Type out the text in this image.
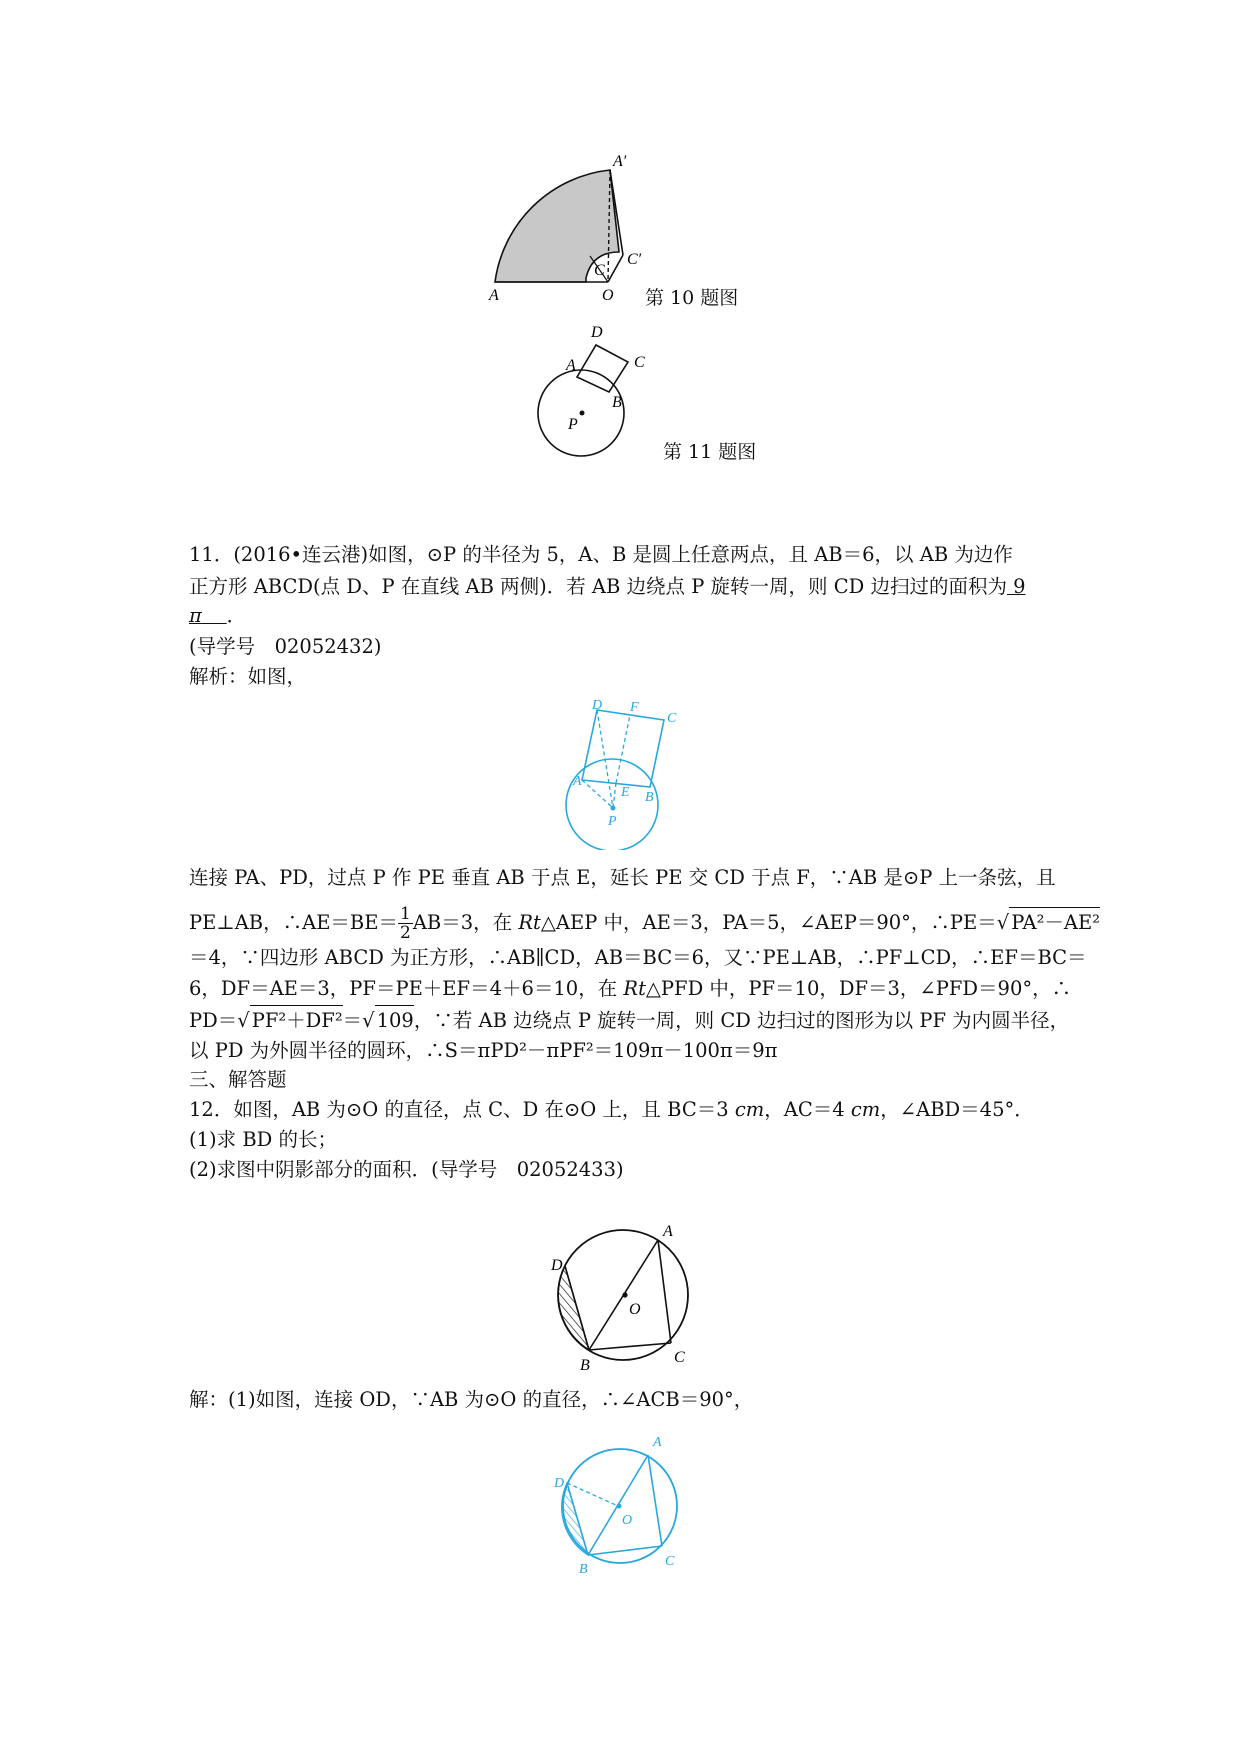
A′
C′
C
A	O 第 10 题图
D
A	C
B
P
第 11 题图
11．(2016•连云港)如图，⊙P 的半径为 5，A、B 是圆上任意两点，且 AB＝6，以 AB 为边作
正方形 ABCD(点 D、P 在直线 AB 两侧)．若 AB 边绕点 P 旋转一周，则 CD 边扫过的面积为 9
π ．
(导学号　02052432)
解析：如图，
D F
C
A
E B
P
连接 PA、PD，过点 P 作 PE 垂直 AB 于点 E，延长 PE 交 CD 于点 F，∵AB 是⊙P 上一条弦，且
PE⊥AB，∴AE＝BE＝ $\frac{1}{2} AB=3$，在 Rt△AEP 中，AE＝3，PA＝5，∠AEP＝90°，∴PE＝√ PA²－AE²
＝4，∵四边形 ABCD 为正方形，∴AB∥CD，AB＝BC＝6，又∵PE⊥AB，∴PF⊥CD，∴EF＝BC＝
6，DF＝AE＝3，PF＝PE＋EF＝4＋6＝10，在 Rt△PFD 中，PF＝10，DF＝3，∠PFD＝90°，∴
PD＝√ PF²＋DF²＝√ 109，∵若 AB 边绕点 P 旋转一周，则 CD 边扫过的图形为以 PF 为内圆半径，
以 PD 为外圆半径的圆环，∴S＝πPD²－πPF²＝109π－100π＝9π
三、解答题
12．如图，AB 为⊙O 的直径，点 C、D 在⊙O 上，且 BC＝3 cm，AC＝4 cm，∠ABD＝45°．
(1)求 BD 的长；
(2)求图中阴影部分的面积．(导学号　02052433)
A
D
O
B	C
解：(1)如图，连接 OD，∵AB 为⊙O 的直径，∴∠ACB＝90°，
A
D
O
B
C
